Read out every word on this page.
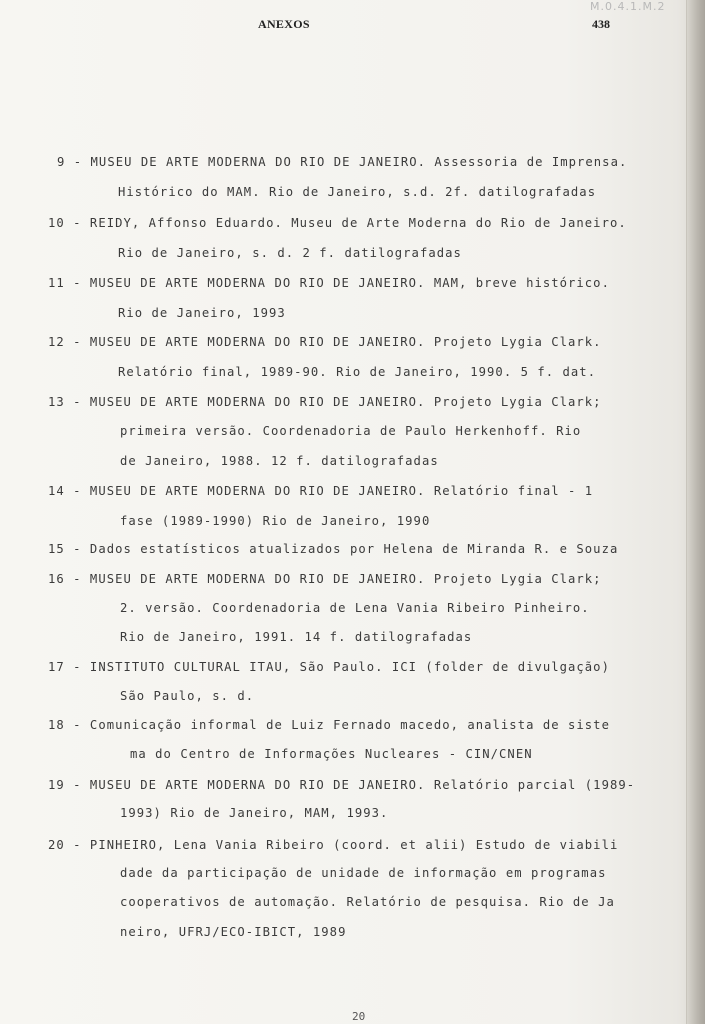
M.0.4.1.M.2
ANEXOS	438
9 - MUSEU DE ARTE MODERNA DO RIO DE JANEIRO. Assessoria de Imprensa.
Histórico do MAM. Rio de Janeiro, s.d. 2f. datilografadas
10 - REIDY, Affonso Eduardo. Museu de Arte Moderna do Rio de Janeiro.
Rio de Janeiro, s. d. 2 f. datilografadas
11 - MUSEU DE ARTE MODERNA DO RIO DE JANEIRO. MAM, breve histórico.
Rio de Janeiro, 1993
12 - MUSEU DE ARTE MODERNA DO RIO DE JANEIRO. Projeto Lygia Clark.
Relatório final, 1989-90. Rio de Janeiro, 1990. 5 f. dat.
13 - MUSEU DE ARTE MODERNA DO RIO DE JANEIRO. Projeto Lygia Clark;
primeira versão. Coordenadoria de Paulo Herkenhoff. Rio
de Janeiro, 1988. 12 f. datilografadas
14 - MUSEU DE ARTE MODERNA DO RIO DE JANEIRO. Relatório final - 1
fase (1989-1990) Rio de Janeiro, 1990
15 - Dados estatísticos atualizados por Helena de Miranda R. e Souza
16 - MUSEU DE ARTE MODERNA DO RIO DE JANEIRO. Projeto Lygia Clark;
2. versão. Coordenadoria de Lena Vania Ribeiro Pinheiro.
Rio de Janeiro, 1991. 14 f. datilografadas
17 - INSTITUTO CULTURAL ITAU, São Paulo. ICI (folder de divulgação)
São Paulo, s. d.
18 - Comunicação informal de Luiz Fernado macedo, analista de siste
ma do Centro de Informações Nucleares - CIN/CNEN
19 - MUSEU DE ARTE MODERNA DO RIO DE JANEIRO. Relatório parcial (1989-
1993) Rio de Janeiro, MAM, 1993.
20 - PINHEIRO, Lena Vania Ribeiro (coord. et alii) Estudo de viabili
dade da participação de unidade de informação em programas
cooperativos de automação. Relatório de pesquisa. Rio de Ja
neiro, UFRJ/ECO-IBICT, 1989
20
